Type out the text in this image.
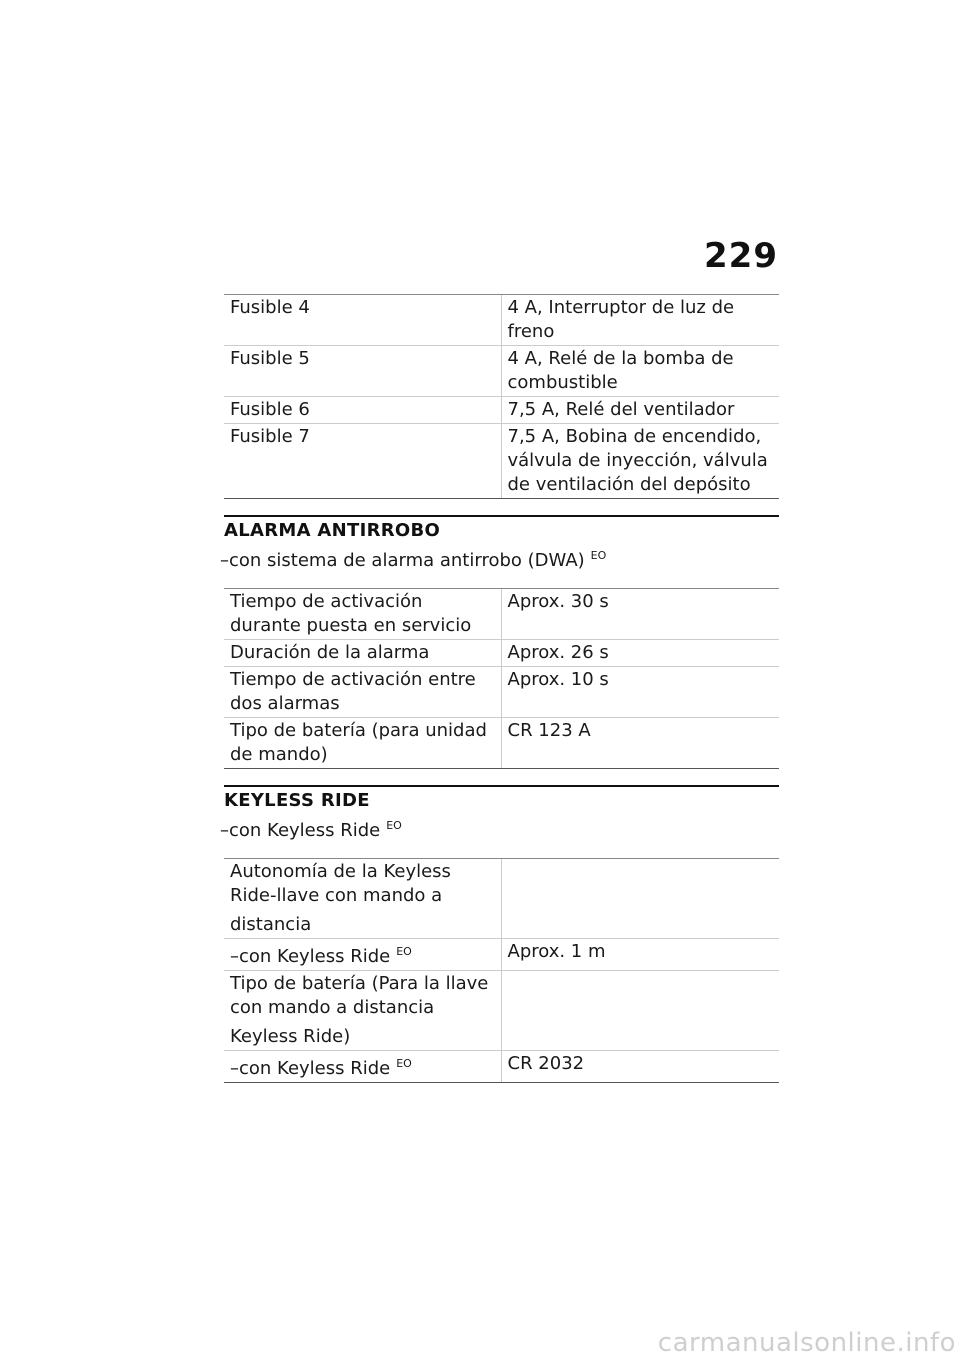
229
Fusible 4	4 A, Interruptor de luz de freno
Fusible 5	4 A, Relé de la bomba de combustible
Fusible 6	7,5 A, Relé del ventilador
Fusible 7	7,5 A, Bobina de encendido, válvula de inyección, válvula de ventilación del depósito
ALARMA ANTIRROBO
–con sistema de alarma antirrobo (DWA) $^{EO}$
Tiempo de activación durante puesta en servicio	Aprox. 30 s
Duración de la alarma	Aprox. 26 s
Tiempo de activación entre dos alarmas	Aprox. 10 s
Tipo de batería (para unidad de mando)	CR 123 A
KEYLESS RIDE
–con Keyless Ride $^{EO}$
Autonomía de la Keyless Ride-llave con mando a distancia	
–con Keyless Ride $^{EO}$	Aprox. 1 m
Tipo de batería (Para la llave con mando a distancia Keyless Ride)	
–con Keyless Ride $^{EO}$	CR 2032
carmanualsonline.info
